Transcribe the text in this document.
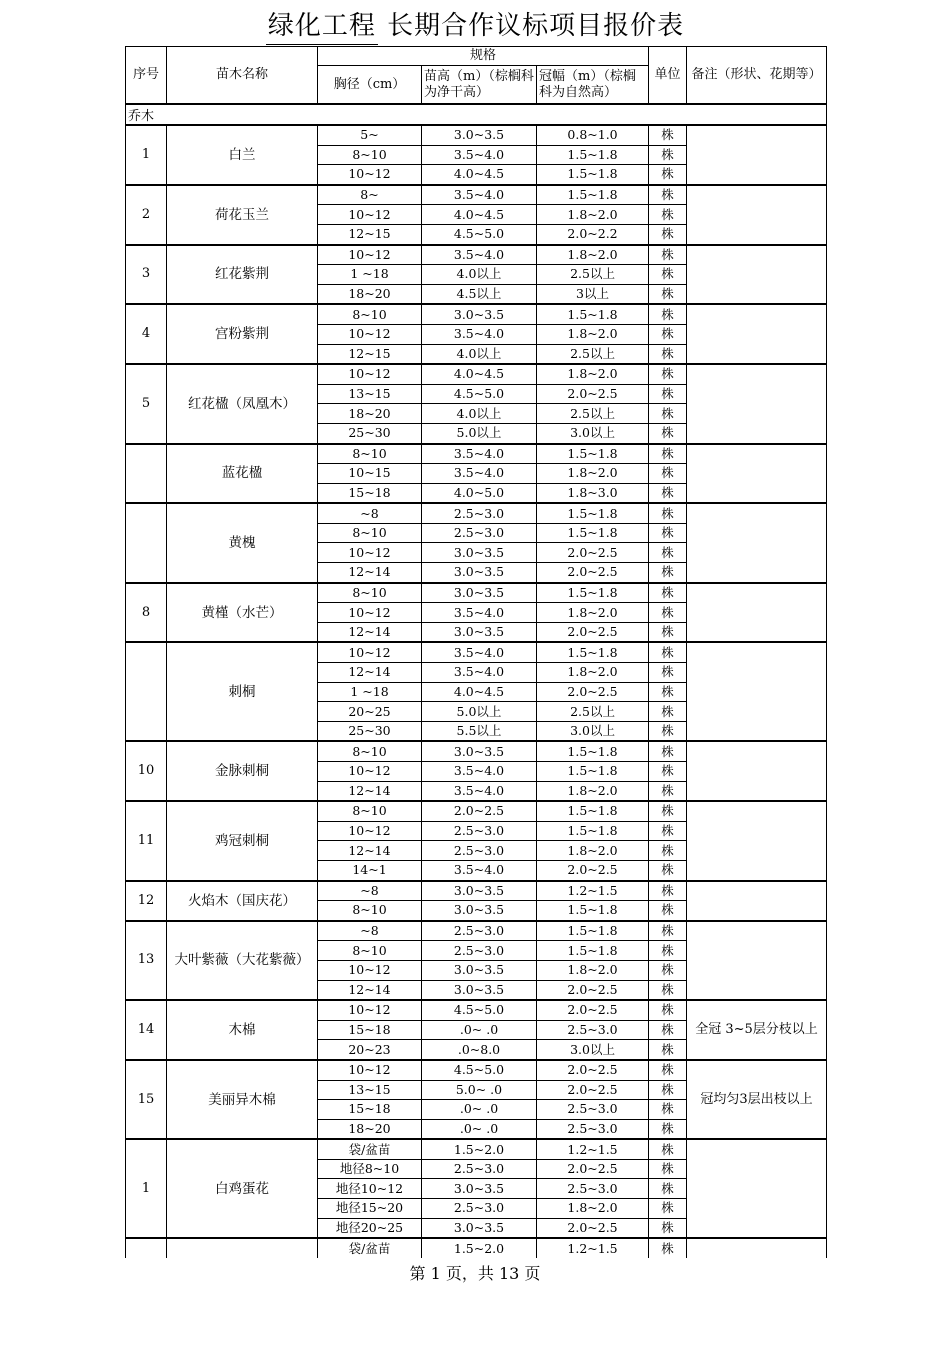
绿化工程 长期合作议标项目报价表
序号	苗木名称	规格			单位	备注（形状、花期等）
		胸径（cm）	苗高（m）（棕榈科为净干高）	冠幅（m）（棕榈科为自然高）		
乔木						
1	白兰	5~	3.0~3.5	0.8~1.0	株	
		8~10	3.5~4.0	1.5~1.8	株	
		10~12	4.0~4.5	1.5~1.8	株	
2	荷花玉兰	8~	3.5~4.0	1.5~1.8	株	
		10~12	4.0~4.5	1.8~2.0	株	
		12~15	4.5~5.0	2.0~2.2	株	
3	红花紫荆	10~12	3.5~4.0	1.8~2.0	株	
		1 ~18	4.0以上	2.5以上	株	
		18~20	4.5以上	3以上	株	
4	宫粉紫荆	8~10	3.0~3.5	1.5~1.8	株	
		10~12	3.5~4.0	1.8~2.0	株	
		12~15	4.0以上	2.5以上	株	
5	红花楹（凤凰木）	10~12	4.0~4.5	1.8~2.0	株	
		13~15	4.5~5.0	2.0~2.5	株	
		18~20	4.0以上	2.5以上	株	
		25~30	5.0以上	3.0以上	株	
	蓝花楹	8~10	3.5~4.0	1.5~1.8	株	
		10~15	3.5~4.0	1.8~2.0	株	
		15~18	4.0~5.0	1.8~3.0	株	
	黄槐	~8	2.5~3.0	1.5~1.8	株	
		8~10	2.5~3.0	1.5~1.8	株	
		10~12	3.0~3.5	2.0~2.5	株	
		12~14	3.0~3.5	2.0~2.5	株	
8	黄槿（水芒）	8~10	3.0~3.5	1.5~1.8	株	
		10~12	3.5~4.0	1.8~2.0	株	
		12~14	3.0~3.5	2.0~2.5	株	
	刺桐	10~12	3.5~4.0	1.5~1.8	株	
		12~14	3.5~4.0	1.8~2.0	株	
		1 ~18	4.0~4.5	2.0~2.5	株	
		20~25	5.0以上	2.5以上	株	
		25~30	5.5以上	3.0以上	株	
10	金脉刺桐	8~10	3.0~3.5	1.5~1.8	株	
		10~12	3.5~4.0	1.5~1.8	株	
		12~14	3.5~4.0	1.8~2.0	株	
11	鸡冠刺桐	8~10	2.0~2.5	1.5~1.8	株	
		10~12	2.5~3.0	1.5~1.8	株	
		12~14	2.5~3.0	1.8~2.0	株	
		14~1	3.5~4.0	2.0~2.5	株	
12	火焰木（国庆花）	~8	3.0~3.5	1.2~1.5	株	
		8~10	3.0~3.5	1.5~1.8	株	
13	大叶紫薇（大花紫薇）	~8	2.5~3.0	1.5~1.8	株	
		8~10	2.5~3.0	1.5~1.8	株	
		10~12	3.0~3.5	1.8~2.0	株	
		12~14	3.0~3.5	2.0~2.5	株	
14	木棉	10~12	4.5~5.0	2.0~2.5	株	全冠 3~5层分枝以上
		15~18	.0~ .0	2.5~3.0	株	
		20~23	.0~8.0	3.0以上	株	
15	美丽异木棉	10~12	4.5~5.0	2.0~2.5	株	冠均匀3层出枝以上
		13~15	5.0~ .0	2.0~2.5	株	
		15~18	.0~ .0	2.5~3.0	株	
		18~20	.0~ .0	2.5~3.0	株	
1	白鸡蛋花	袋/盆苗	1.5~2.0	1.2~1.5	株	
		地径8~10	2.5~3.0	2.0~2.5	株	
		地径10~12	3.0~3.5	2.5~3.0	株	
		地径15~20	2.5~3.0	1.8~2.0	株	
		地径20~25	3.0~3.5	2.0~2.5	株	
		袋/盆苗	1.5~2.0	1.2~1.5	株	

第 1 页，共 13 页
